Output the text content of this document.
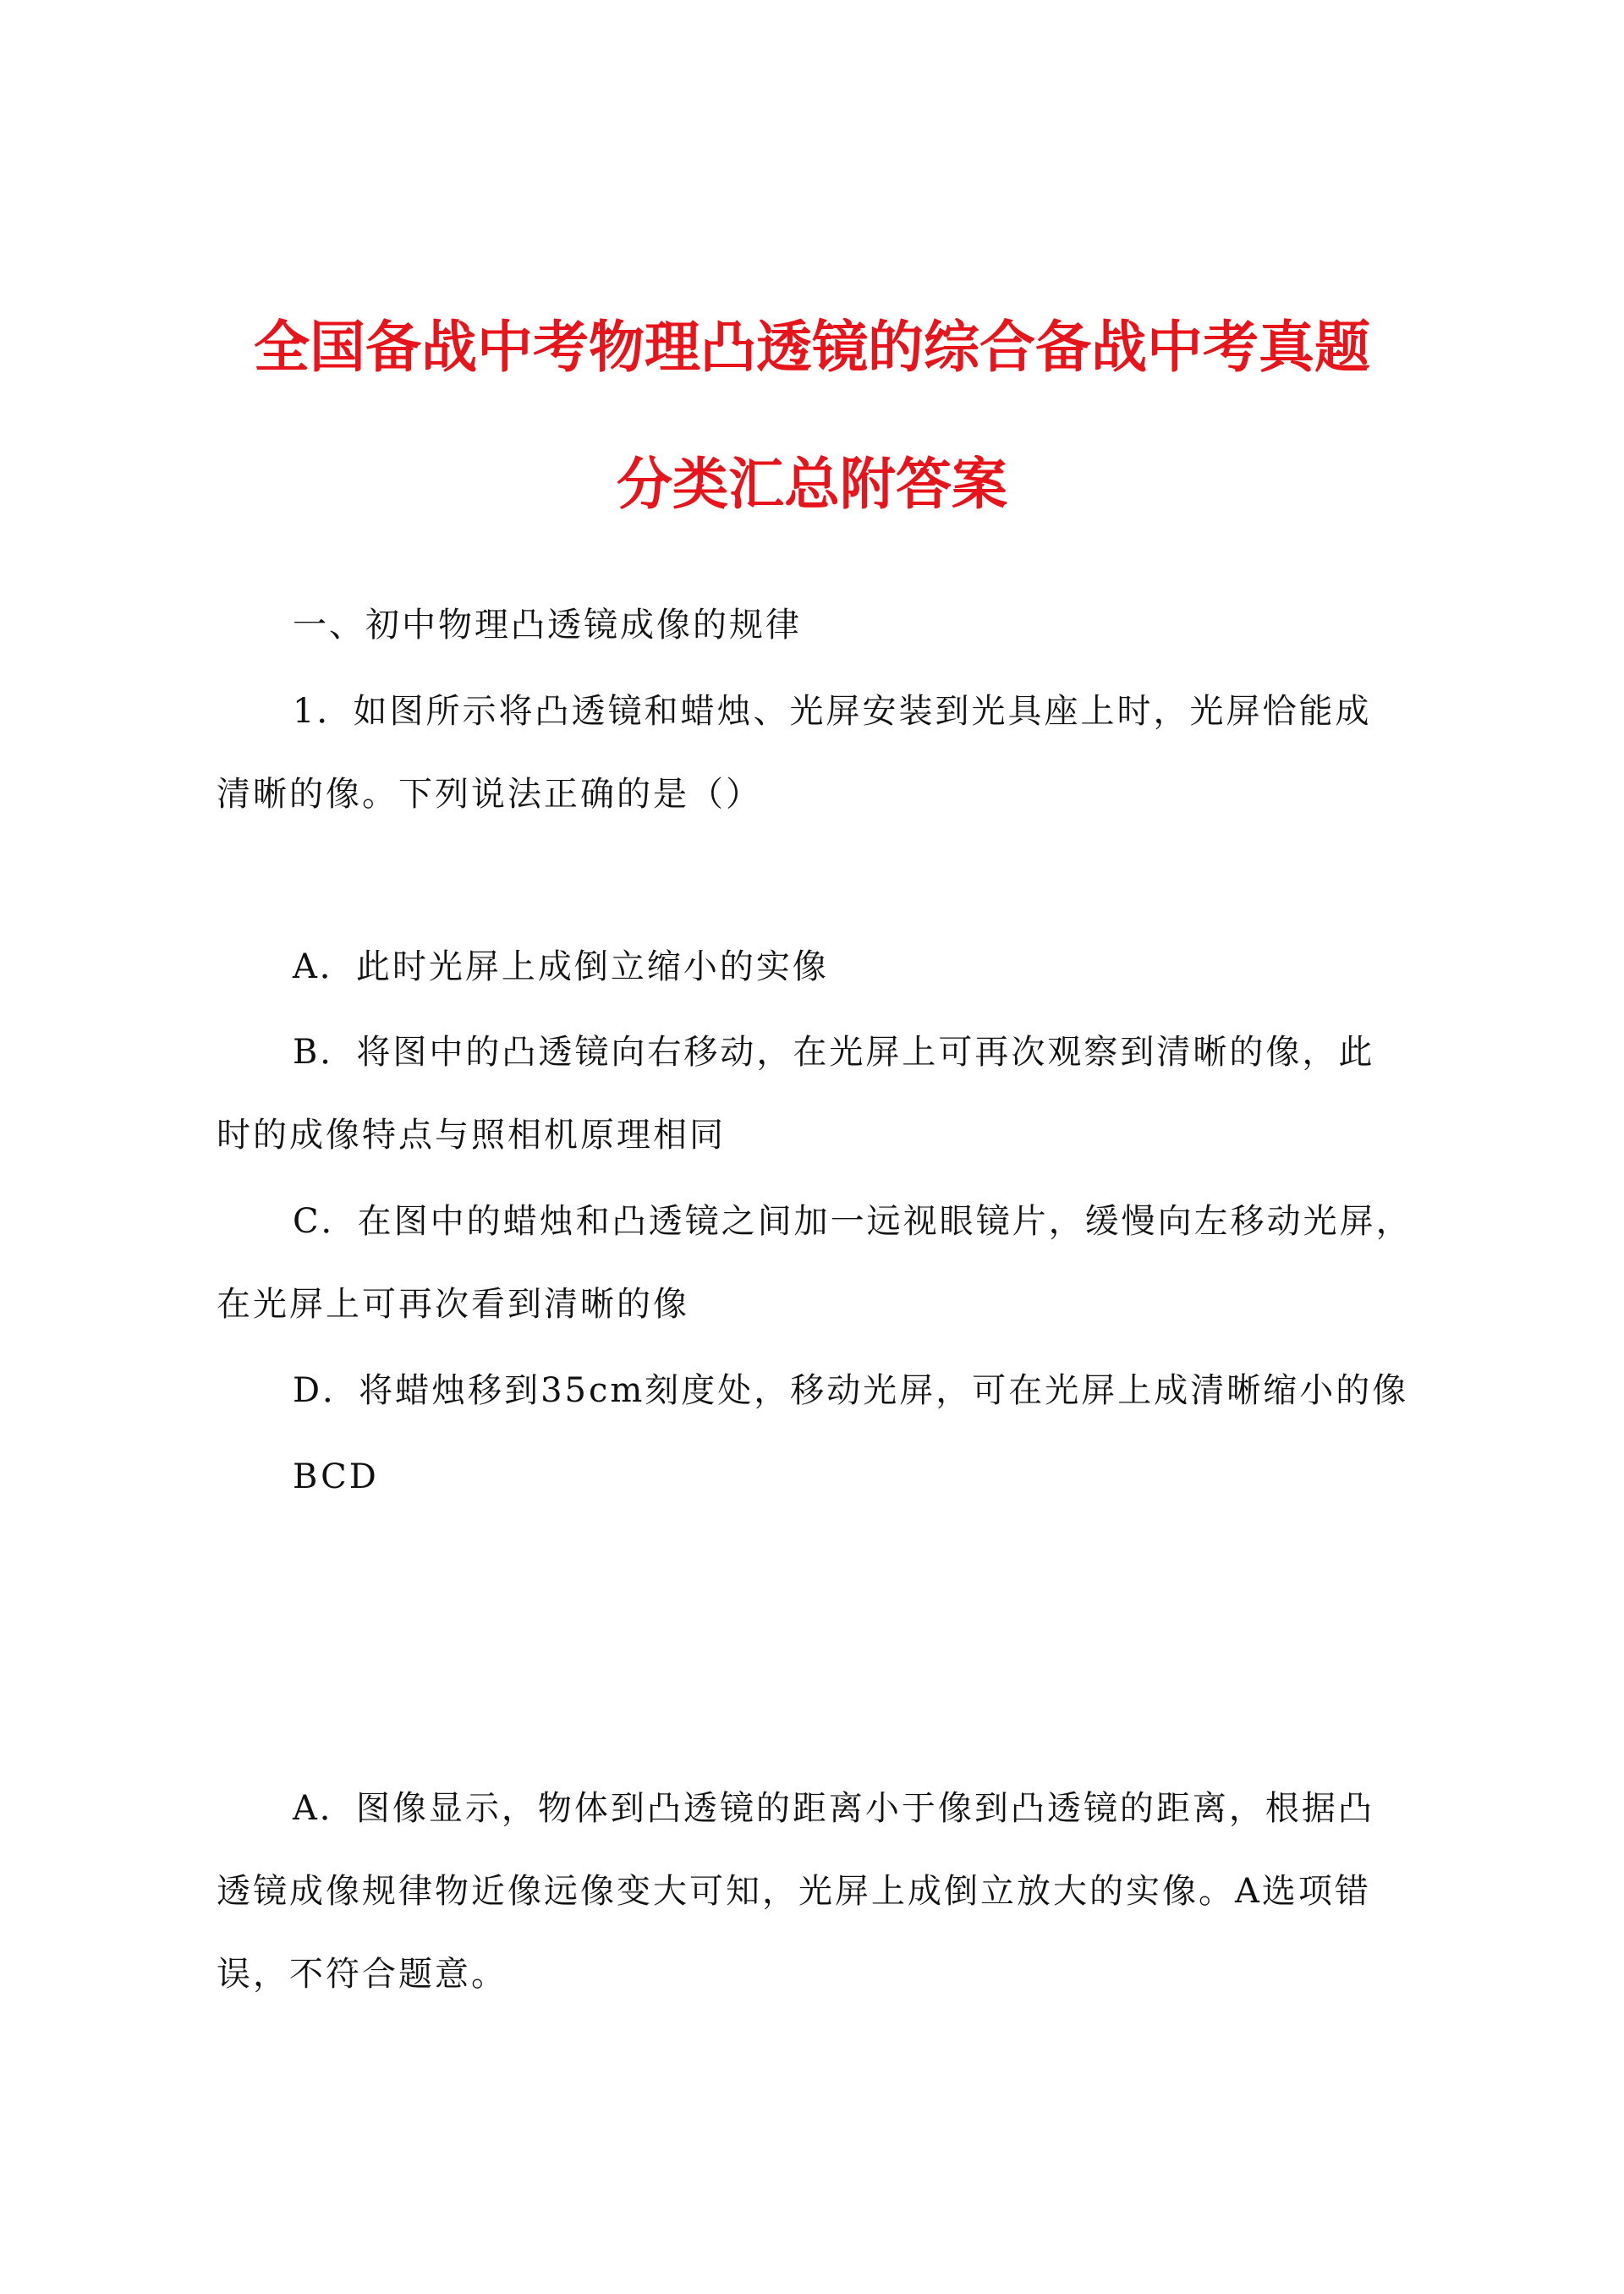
全国备战中考物理凸透镜的综合备战中考真题
分类汇总附答案
一、初中物理凸透镜成像的规律
1．如图所示将凸透镜和蜡烛、光屏安装到光具座上时，光屏恰能成
清晰的像。下列说法正确的是（）
A．此时光屏上成倒立缩小的实像
B．将图中的凸透镜向右移动，在光屏上可再次观察到清晰的像，此
时的成像特点与照相机原理相同
C．在图中的蜡烛和凸透镜之间加一远视眼镜片，缓慢向左移动光屏，
在光屏上可再次看到清晰的像
D．将蜡烛移到35cm刻度处，移动光屏，可在光屏上成清晰缩小的像
BCD
A．图像显示，物体到凸透镜的距离小于像到凸透镜的距离，根据凸
透镜成像规律物近像远像变大可知，光屏上成倒立放大的实像。A选项错
误，不符合题意。
